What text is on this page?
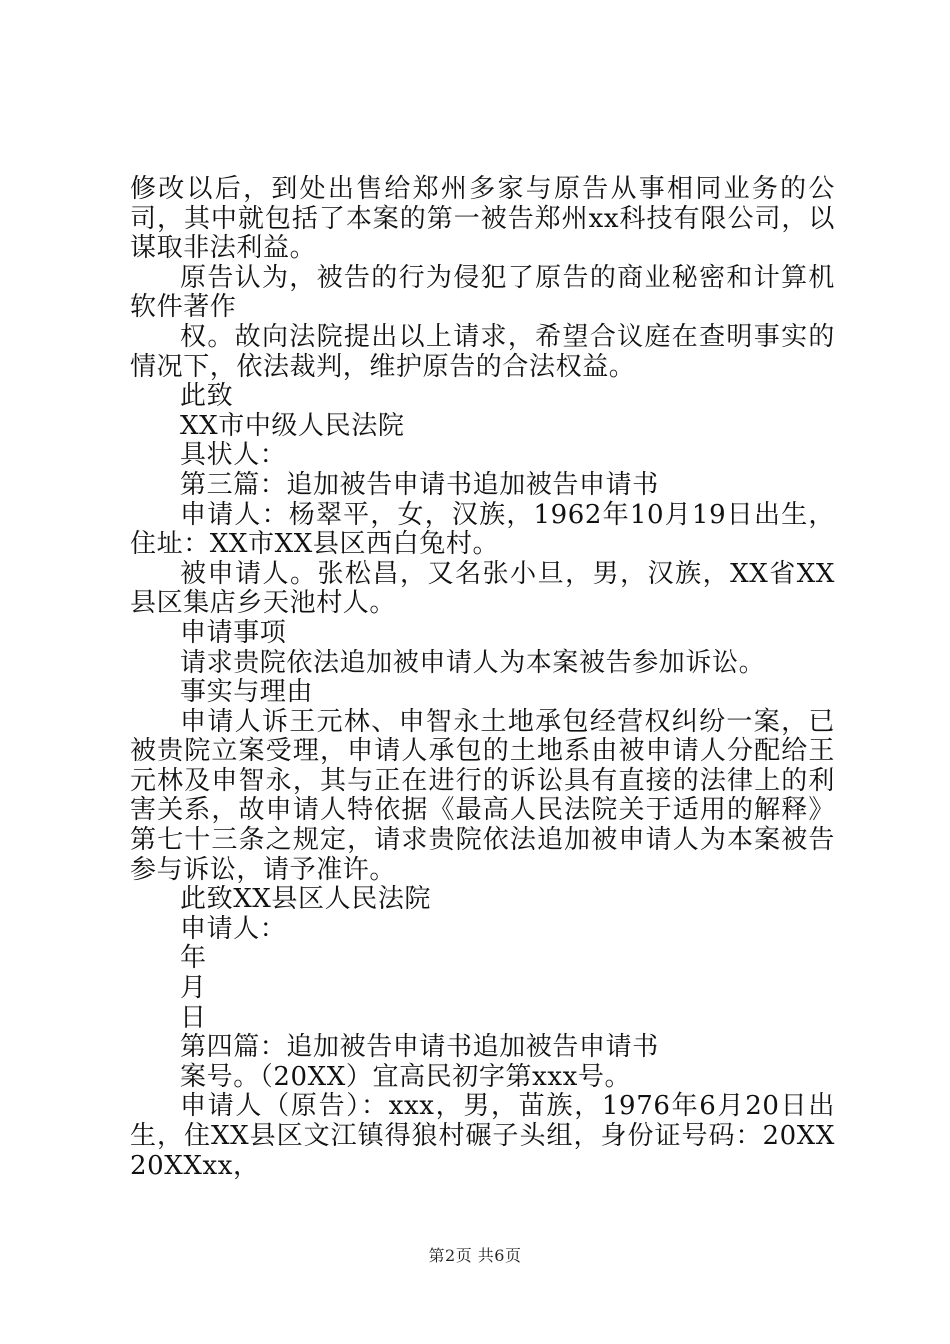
修改以后，到处出售给郑州多家与原告从事相同业务的公司，其中就包括了本案的第一被告郑州xx科技有限公司，以谋取非法利益。

原告认为，被告的行为侵犯了原告的商业秘密和计算机软件著作

权。故向法院提出以上请求，希望合议庭在查明事实的情况下，依法裁判，维护原告的合法权益。

此致

XX市中级人民法院

具状人：

第三篇：追加被告申请书追加被告申请书

申请人：杨翠平，女，汉族，1962年10月19日出生，住址：XX市XX县区西白兔村。

被申请人。张松昌，又名张小旦，男，汉族，XX省XX县区集店乡天池村人。

申请事项

请求贵院依法追加被申请人为本案被告参加诉讼。

事实与理由

申请人诉王元林、申智永土地承包经营权纠纷一案，已被贵院立案受理，申请人承包的土地系由被申请人分配给王元林及申智永，其与正在进行的诉讼具有直接的法律上的利害关系，故申请人特依据《最高人民法院关于适用的解释》第七十三条之规定，请求贵院依法追加被申请人为本案被告参与诉讼，请予准许。

此致XX县区人民法院

申请人：

年

月

日

第四篇：追加被告申请书追加被告申请书

案号。（20XX）宜高民初字第xxx号。

申请人（原告）：xxx，男，苗族，1976年6月20日出生，住XX县区文江镇得狼村碾子头组，身份证号码：20XX20XXxx，

第2页 共6页
